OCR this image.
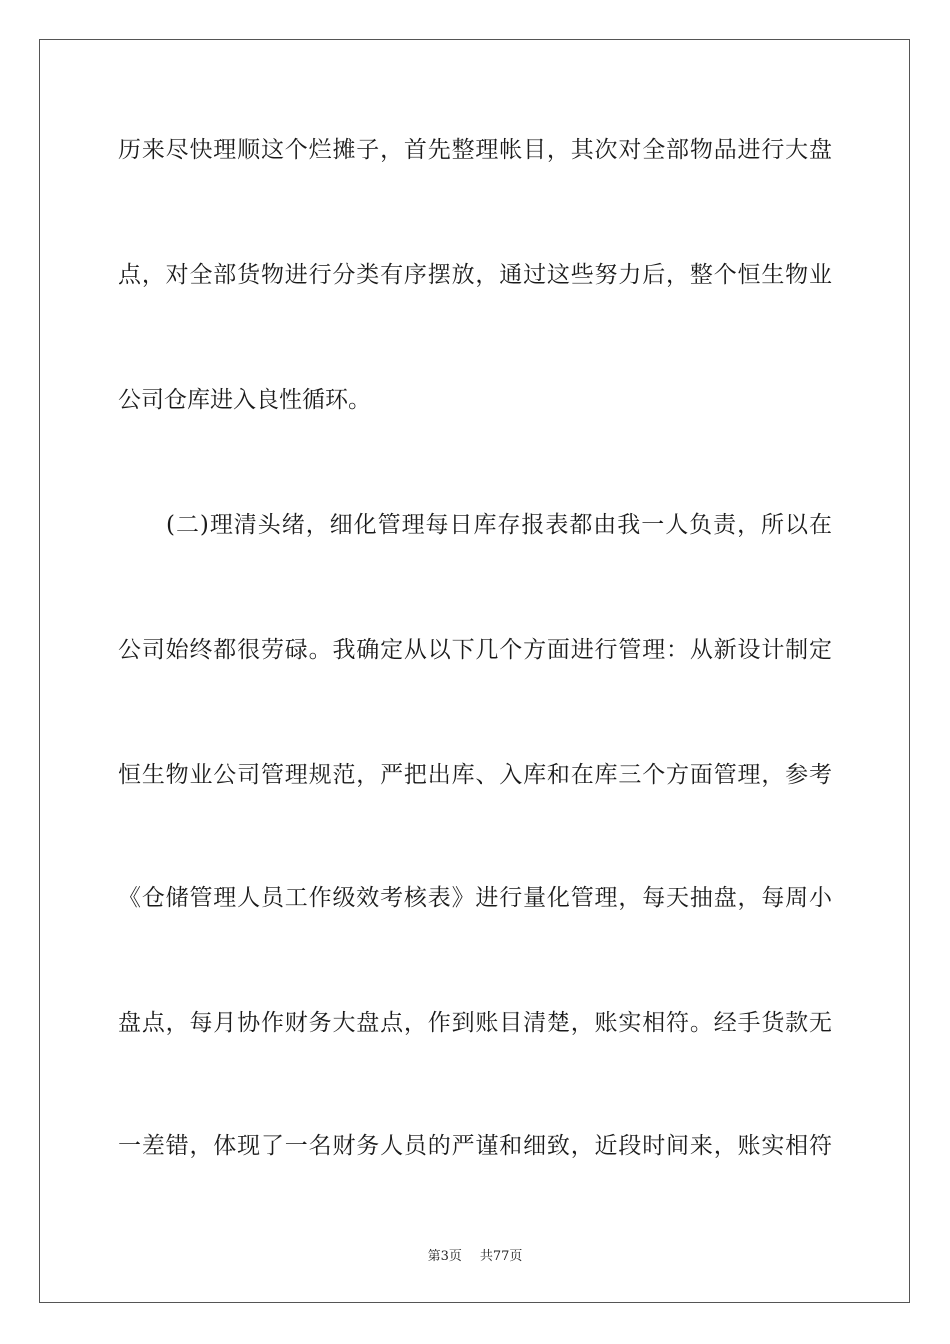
历来尽快理顺这个烂摊子，首先整理帐目，其次对全部物品进行大盘
点，对全部货物进行分类有序摆放，通过这些努力后，整个恒生物业
公司仓库进入良性循环。
(二)理清头绪，细化管理每日库存报表都由我一人负责，所以在
公司始终都很劳碌。我确定从以下几个方面进行管理：从新设计制定
恒生物业公司管理规范，严把出库、入库和在库三个方面管理，参考
《仓储管理人员工作级效考核表》进行量化管理，每天抽盘，每周小
盘点，每月协作财务大盘点，作到账目清楚，账实相符。经手货款无
一差错，体现了一名财务人员的严谨和细致，近段时间来，账实相符
第3页 共77页
